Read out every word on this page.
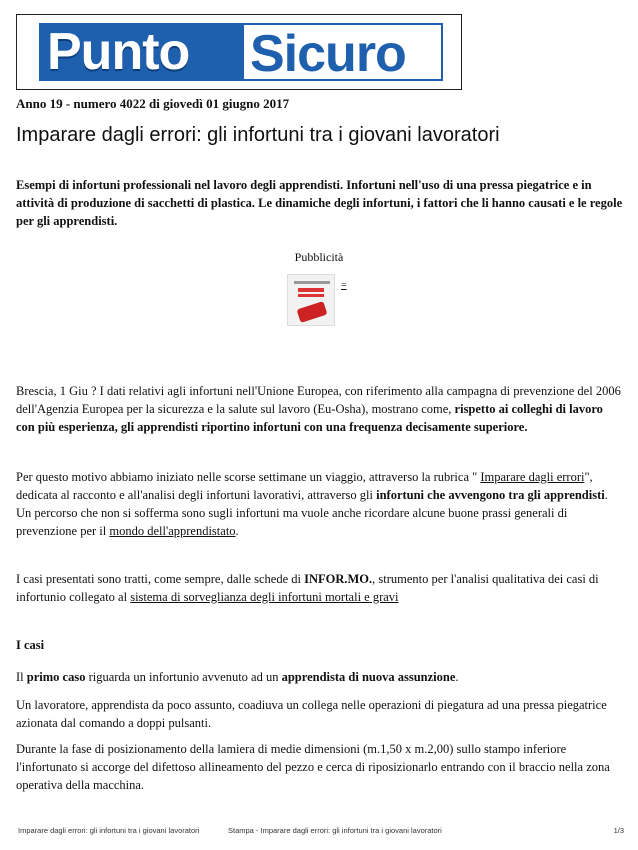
Punto	Sicuro
Anno 19 - numero 4022 di giovedì 01 giugno 2017
Imparare dagli errori: gli infortuni tra i giovani lavoratori
Esempi di infortuni professionali nel lavoro degli apprendisti. Infortuni nell'uso di una pressa piegatrice e in attività di produzione di sacchetti di plastica. Le dinamiche degli infortuni, i fattori che li hanno causati e le regole per gli apprendisti.
Pubblicità
=
Brescia, 1 Giu ? I dati relativi agli infortuni nell'Unione Europea, con riferimento alla campagna di prevenzione del 2006 dell'Agenzia Europea per la sicurezza e la salute sul lavoro (Eu-Osha), mostrano come, rispetto ai colleghi di lavoro con più esperienza, gli apprendisti riportino infortuni con una frequenza decisamente superiore.
Per questo motivo abbiamo iniziato nelle scorse settimane un viaggio, attraverso la rubrica " Imparare dagli errori", dedicata al racconto e all'analisi degli infortuni lavorativi, attraverso gli infortuni che avvengono tra gli apprendisti. Un percorso che non si sofferma sono sugli infortuni ma vuole anche ricordare alcune buone prassi generali di prevenzione per il mondo dell'apprendistato.
I casi presentati sono tratti, come sempre, dalle schede di INFOR.MO., strumento per l'analisi qualitativa dei casi di infortunio collegato al sistema di sorveglianza degli infortuni mortali e gravi
I casi
Il primo caso riguarda un infortunio avvenuto ad un apprendista di nuova assunzione.
Un lavoratore, apprendista da poco assunto, coadiuva un collega nelle operazioni di piegatura ad una pressa piegatrice azionata dal comando a doppi pulsanti.
Durante la fase di posizionamento della lamiera di medie dimensioni (m.1,50 x m.2,00) sullo stampo inferiore l'infortunato si accorge del difettoso allineamento del pezzo e cerca di riposizionarlo entrando con il braccio nella zona operativa della macchina.
Imparare dagli errori: gli infortuni tra i giovani lavoratori	Stampa - Imparare dagli errori: gli infortuni tra i giovani lavoratori	1/3
